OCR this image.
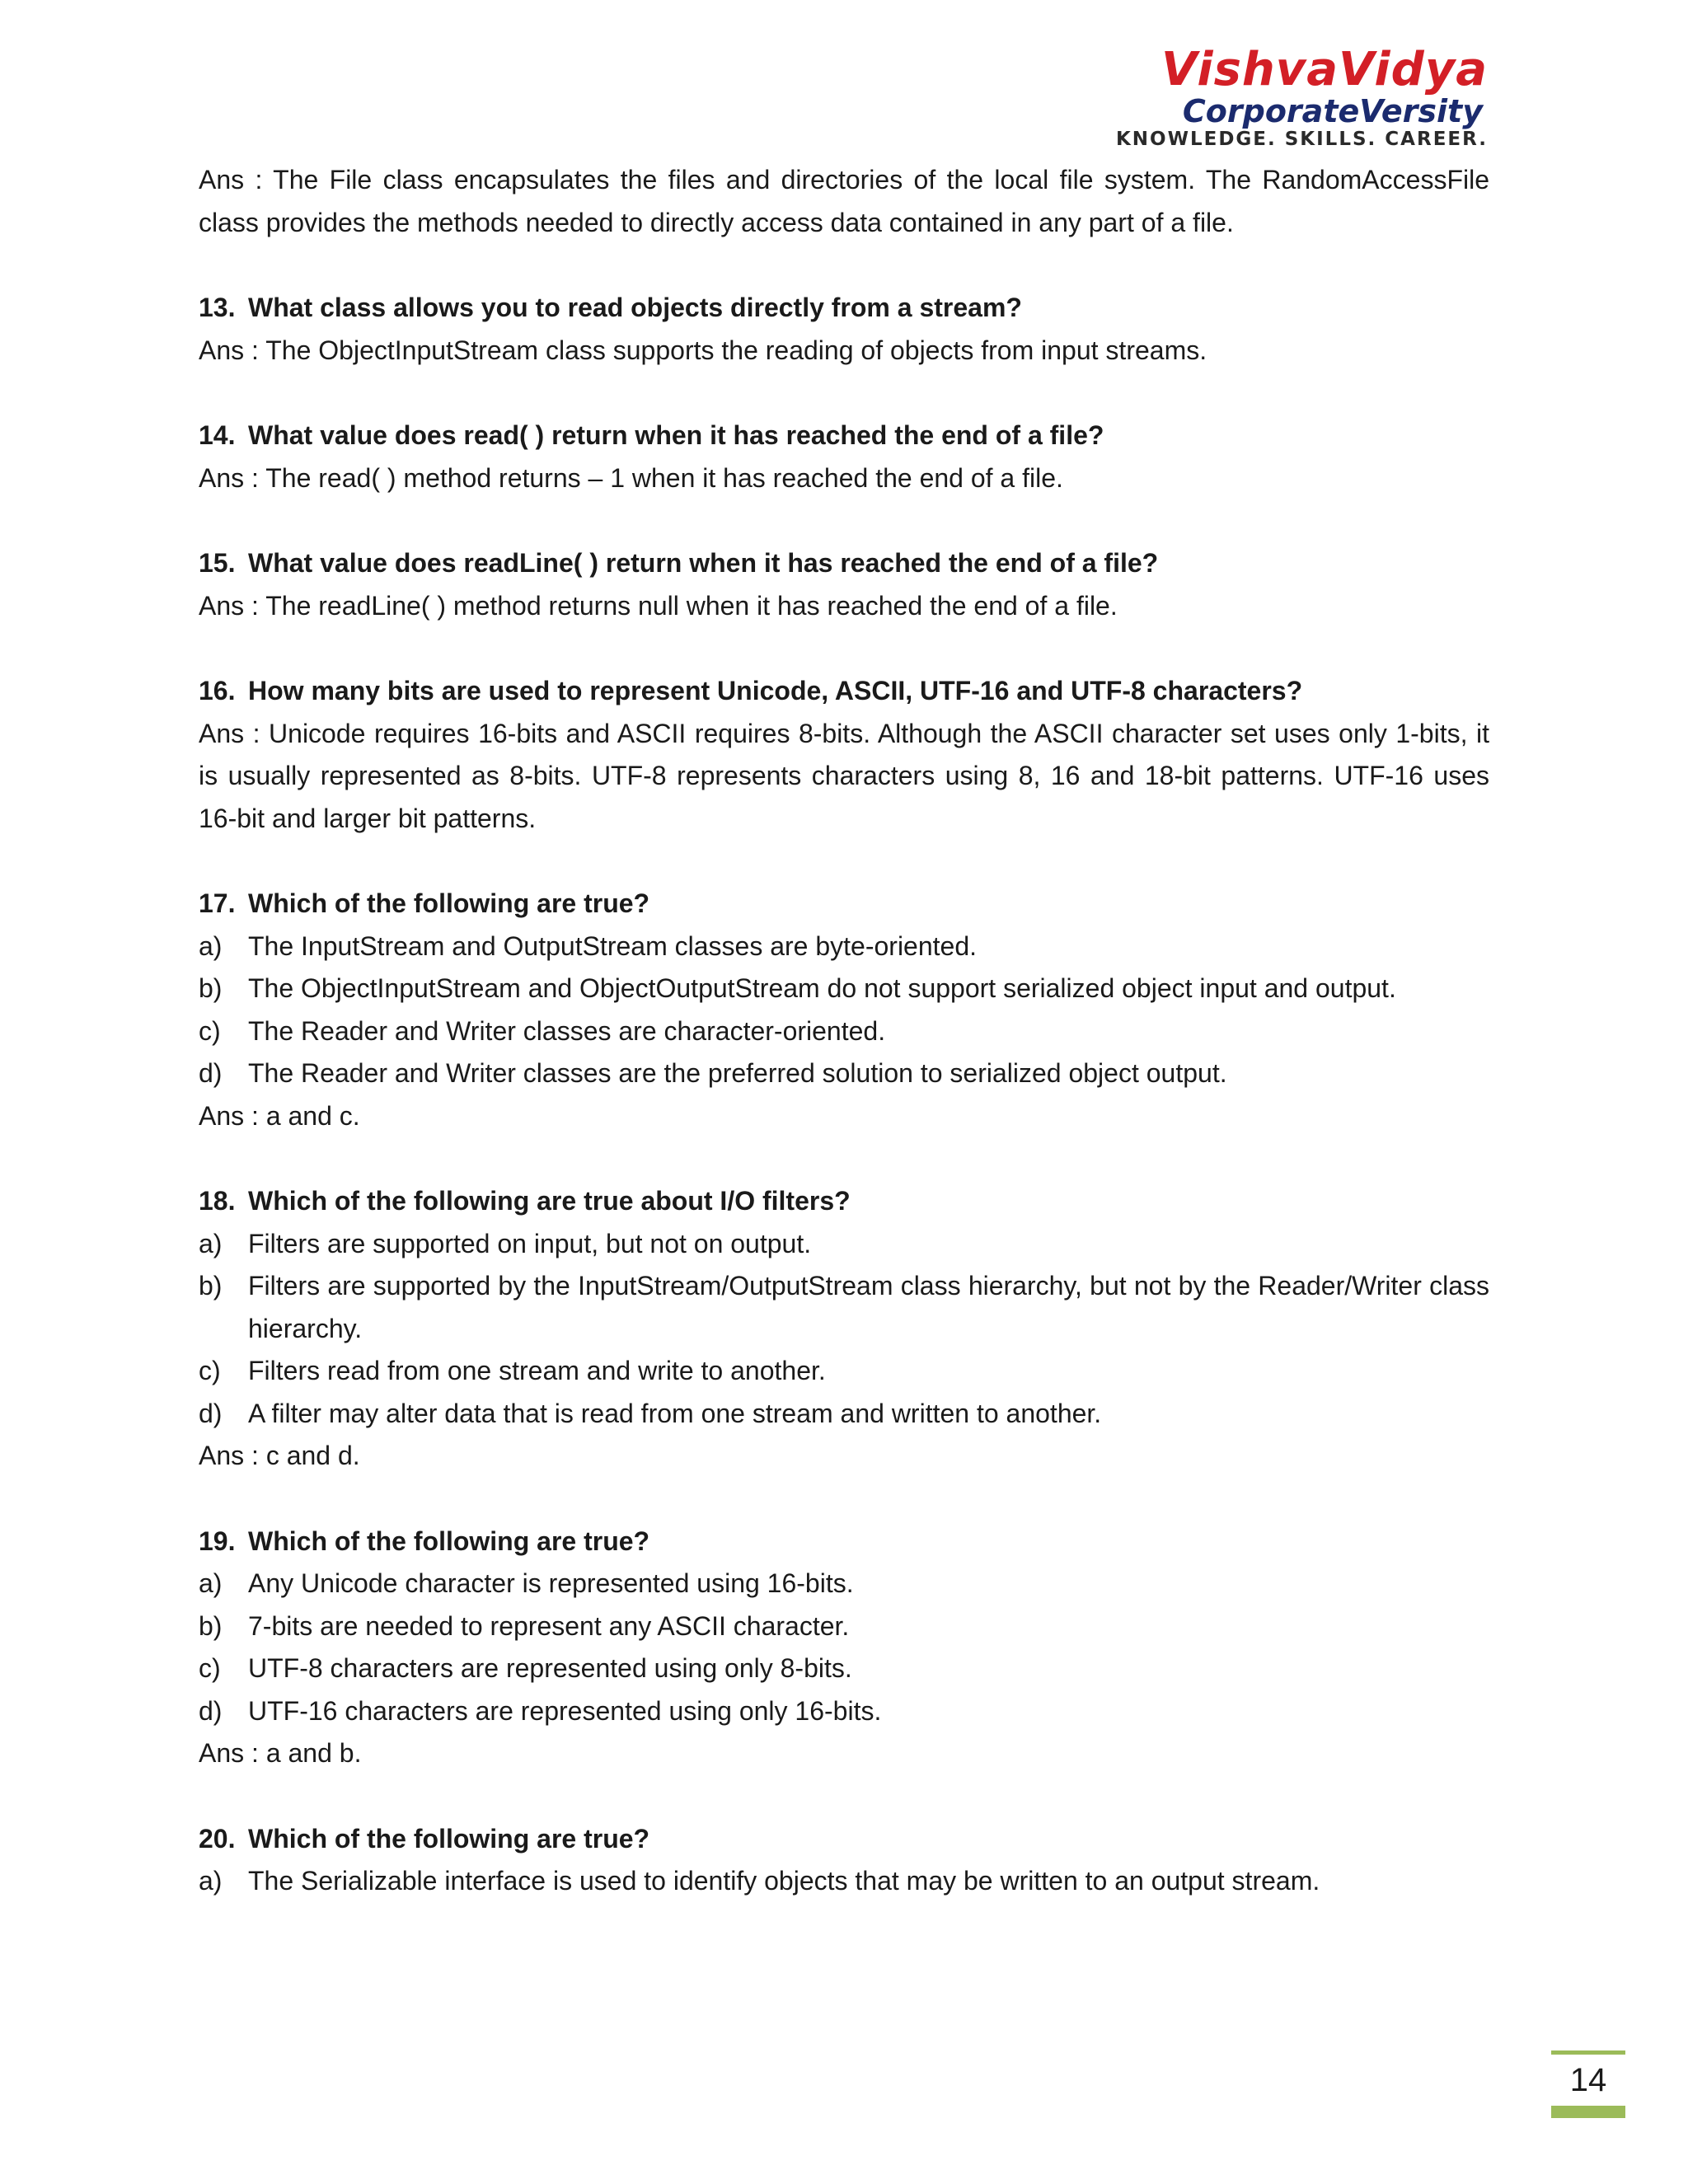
VishvaVidya
CorporateVersity
KNOWLEDGE. SKILLS. CAREER.

Ans : The File class encapsulates the files and directories of the local file system. The RandomAccessFile class provides the methods needed to directly access data contained in any part of a file.

13. What class allows you to read objects directly from a stream?

Ans : The ObjectInputStream class supports the reading of objects from input streams.

14. What value does read( ) return when it has reached the end of a file?

Ans : The read( ) method returns – 1 when it has reached the end of a file.

15. What value does readLine( ) return when it has reached the end of a file?

Ans : The readLine( ) method returns null when it has reached the end of a file.

16. How many bits are used to represent Unicode, ASCII, UTF-16 and UTF-8 characters?

Ans : Unicode requires 16-bits and ASCII requires 8-bits. Although the ASCII character set uses only 1-bits, it is usually represented as 8-bits. UTF-8 represents characters using 8, 16 and 18-bit patterns. UTF-16 uses 16-bit and larger bit patterns.

17. Which of the following are true?
a) The InputStream and OutputStream classes are byte-oriented.
b) The ObjectInputStream and ObjectOutputStream do not support serialized object input and output.
c)	The Reader and Writer classes are character-oriented.
d) The Reader and Writer classes are the preferred solution to serialized object output.

Ans : a and c.

18. Which of the following are true about I/O filters?
a) Filters are supported on input, but not on output.
b) Filters are supported by the InputStream/OutputStream class hierarchy, but not by the Reader/Writer class hierarchy.
c)	Filters read from one stream and write to another.
d) A filter may alter data that is read from one stream and written to another.

Ans : c and d.

19. Which of the following are true?
a) Any Unicode character is represented using 16-bits.
b) 7-bits are needed to represent any ASCII character.
c)	UTF-8 characters are represented using only 8-bits.
d) UTF-16 characters are represented using only 16-bits.

Ans : a and b.

20. Which of the following are true?
a) The Serializable interface is used to identify objects that may be written to an output stream.
14
